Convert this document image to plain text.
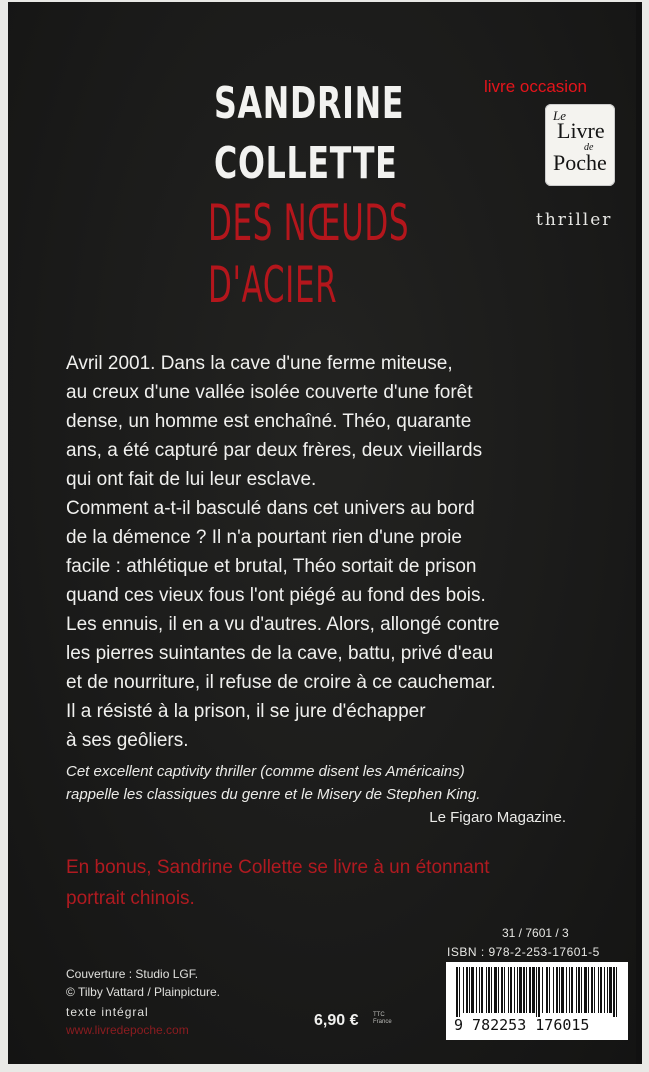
SANDRINE
COLLETTE
DES NŒUDS
D'ACIER
livre occasion
Le
Livre
de
Poche
thriller
Avril 2001. Dans la cave d'une ferme miteuse,
au creux d'une vallée isolée couverte d'une forêt
dense, un homme est enchaîné. Théo, quarante
ans, a été capturé par deux frères, deux vieillards
qui ont fait de lui leur esclave.
Comment a-t-il basculé dans cet univers au bord
de la démence ? Il n'a pourtant rien d'une proie
facile : athlétique et brutal, Théo sortait de prison
quand ces vieux fous l'ont piégé au fond des bois.
Les ennuis, il en a vu d'autres. Alors, allongé contre
les pierres suintantes de la cave, battu, privé d'eau
et de nourriture, il refuse de croire à ce cauchemar.
Il a résisté à la prison, il se jure d'échapper
à ses geôliers.
Cet excellent captivity thriller (comme disent les Américains)
rappelle les classiques du genre et le Misery de Stephen King.
Le Figaro Magazine.
En bonus, Sandrine Collette se livre à un étonnant
portrait chinois.
31 / 7601 / 3
ISBN : 978-2-253-17601-5
9 782253 176015
Couverture : Studio LGF.
© Tilby Vattard / Plainpicture.
texte intégral
www.livredepoche.com
6,90 € TTC
France
